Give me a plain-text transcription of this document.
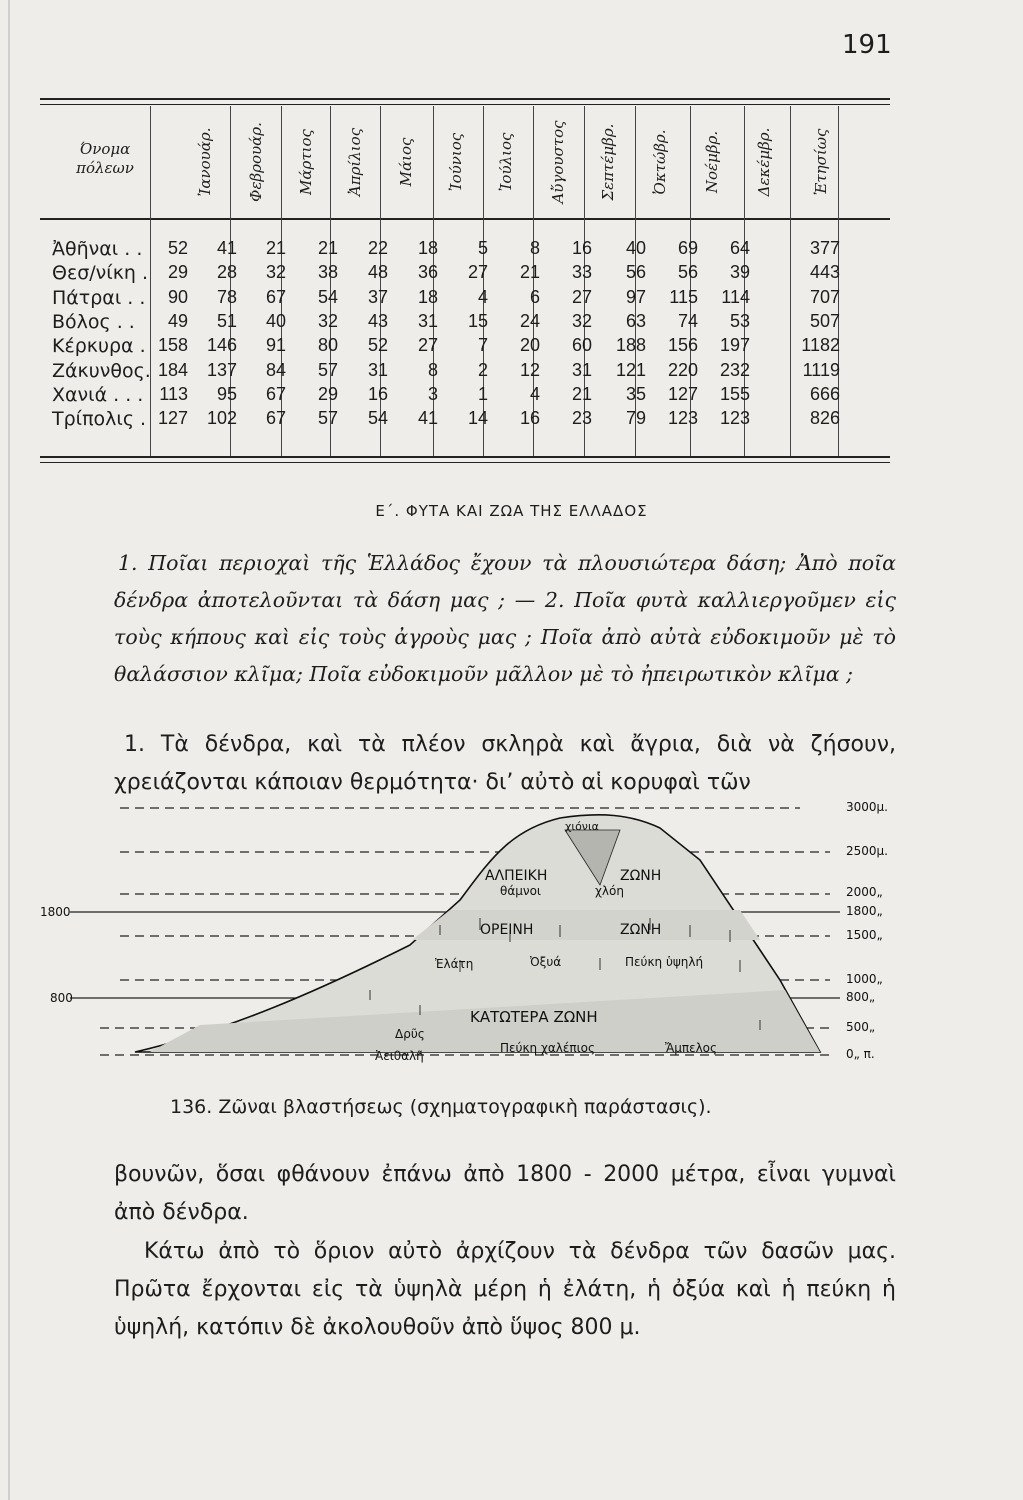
191
Όνομα πόλεων	Ἰανουάρ. Φεβρουάρ. Μάρτιος Ἀπρίλιος Μάιος Ἰούνιος Ἰούλιος Αὔγουστος Σεπτέμβρ. Ὀκτώβρ. Νοέμβρ. Δεκέμβρ.	Ἐτησίως
Ἀθῆναι . .	52	41	21	21	22	18	5	8	16	40	69	64	377
Θεσ/νίκη .	29	28	32	38	48	36	27	21	33	56	56	39	443
Πάτραι . .	90	78	67	54	37	18	4	6	27	97	115	114	707
Βόλος . .	49	51	40	32	43	31	15	24	32	63	74	53	507
Κέρκυρα . 158	146	91	80	52	27	7	20	60	188	156	197	1182
Ζάκυνθος. 184	137	84	57	31	8	2	12	31	121	220	232	1119
Χανιά . . . 113	95	67	29	16	3	1	4	21	35	127	155	666
Τρίπολις . 127	102	67	57	54	41	14	16	23	79	123	123	826
Ε΄. ΦΥΤΑ ΚΑΙ ΖΩΑ ΤΗΣ ΕΛΛΑΔΟΣ

1. Ποῖαι περιοχαὶ τῆς Ἑλλάδος ἔχουν τὰ πλουσιώτερα δάση; Ἀπὸ ποῖα δένδρα ἀποτελοῦνται τὰ δάση μας ; — 2. Ποῖα φυτὰ καλλιεργοῦμεν εἰς τοὺς κήπους καὶ εἰς τοὺς ἀγροὺς μας ; Ποῖα ἀπὸ αὐτὰ εὐδοκιμοῦν μὲ τὸ θαλάσσιον κλῖμα; Ποῖα εὐδοκιμοῦν μᾶλλον μὲ τὸ ἠπειρωτικὸν κλῖμα ;

1. Τὰ δένδρα, καὶ τὰ πλέον σκληρὰ καὶ ἄγρια, διὰ νὰ ζήσουν, χρειάζονται κάποιαν θερμότητα· δι’ αὐτὸ αἱ κορυφαὶ τῶν

3000μ.
2500μ.
2000„
1800„
1500„
1000„
800„
500„
0„ π.
1800
800
ΑΛΠΕΙΚΗ	ΖΩΝΗ
ΟΡΕΙΝΗ	ΖΩΝΗ
ΚΑΤΩΤΕΡΑ ΖΩΝΗ
χιόνια
θάμνοι	χλόη
Ἐλάτη	Ὀξυά	Πεύκη ὑψηλή
Δρῦς
Ἀειθαλῆ
Πεύκη χαλέπιος	Ἄμπελος
136. Ζῶναι βλαστήσεως (σχηματογραφικὴ παράστασις).

βουνῶν, ὅσαι φθάνουν ἐπάνω ἀπὸ 1800 - 2000 μέτρα, εἶναι γυμναὶ ἀπὸ δένδρα.

Κάτω ἀπὸ τὸ ὅριον αὐτὸ ἀρχίζουν τὰ δένδρα τῶν δασῶν μας. Πρῶτα ἔρχονται εἰς τὰ ὑψηλὰ μέρη ἡ ἐλάτη, ἡ ὀξύα καὶ ἡ πεύκη ἡ ὑψηλή, κατόπιν δὲ ἀκολουθοῦν ἀπὸ ὕψος 800 μ.
